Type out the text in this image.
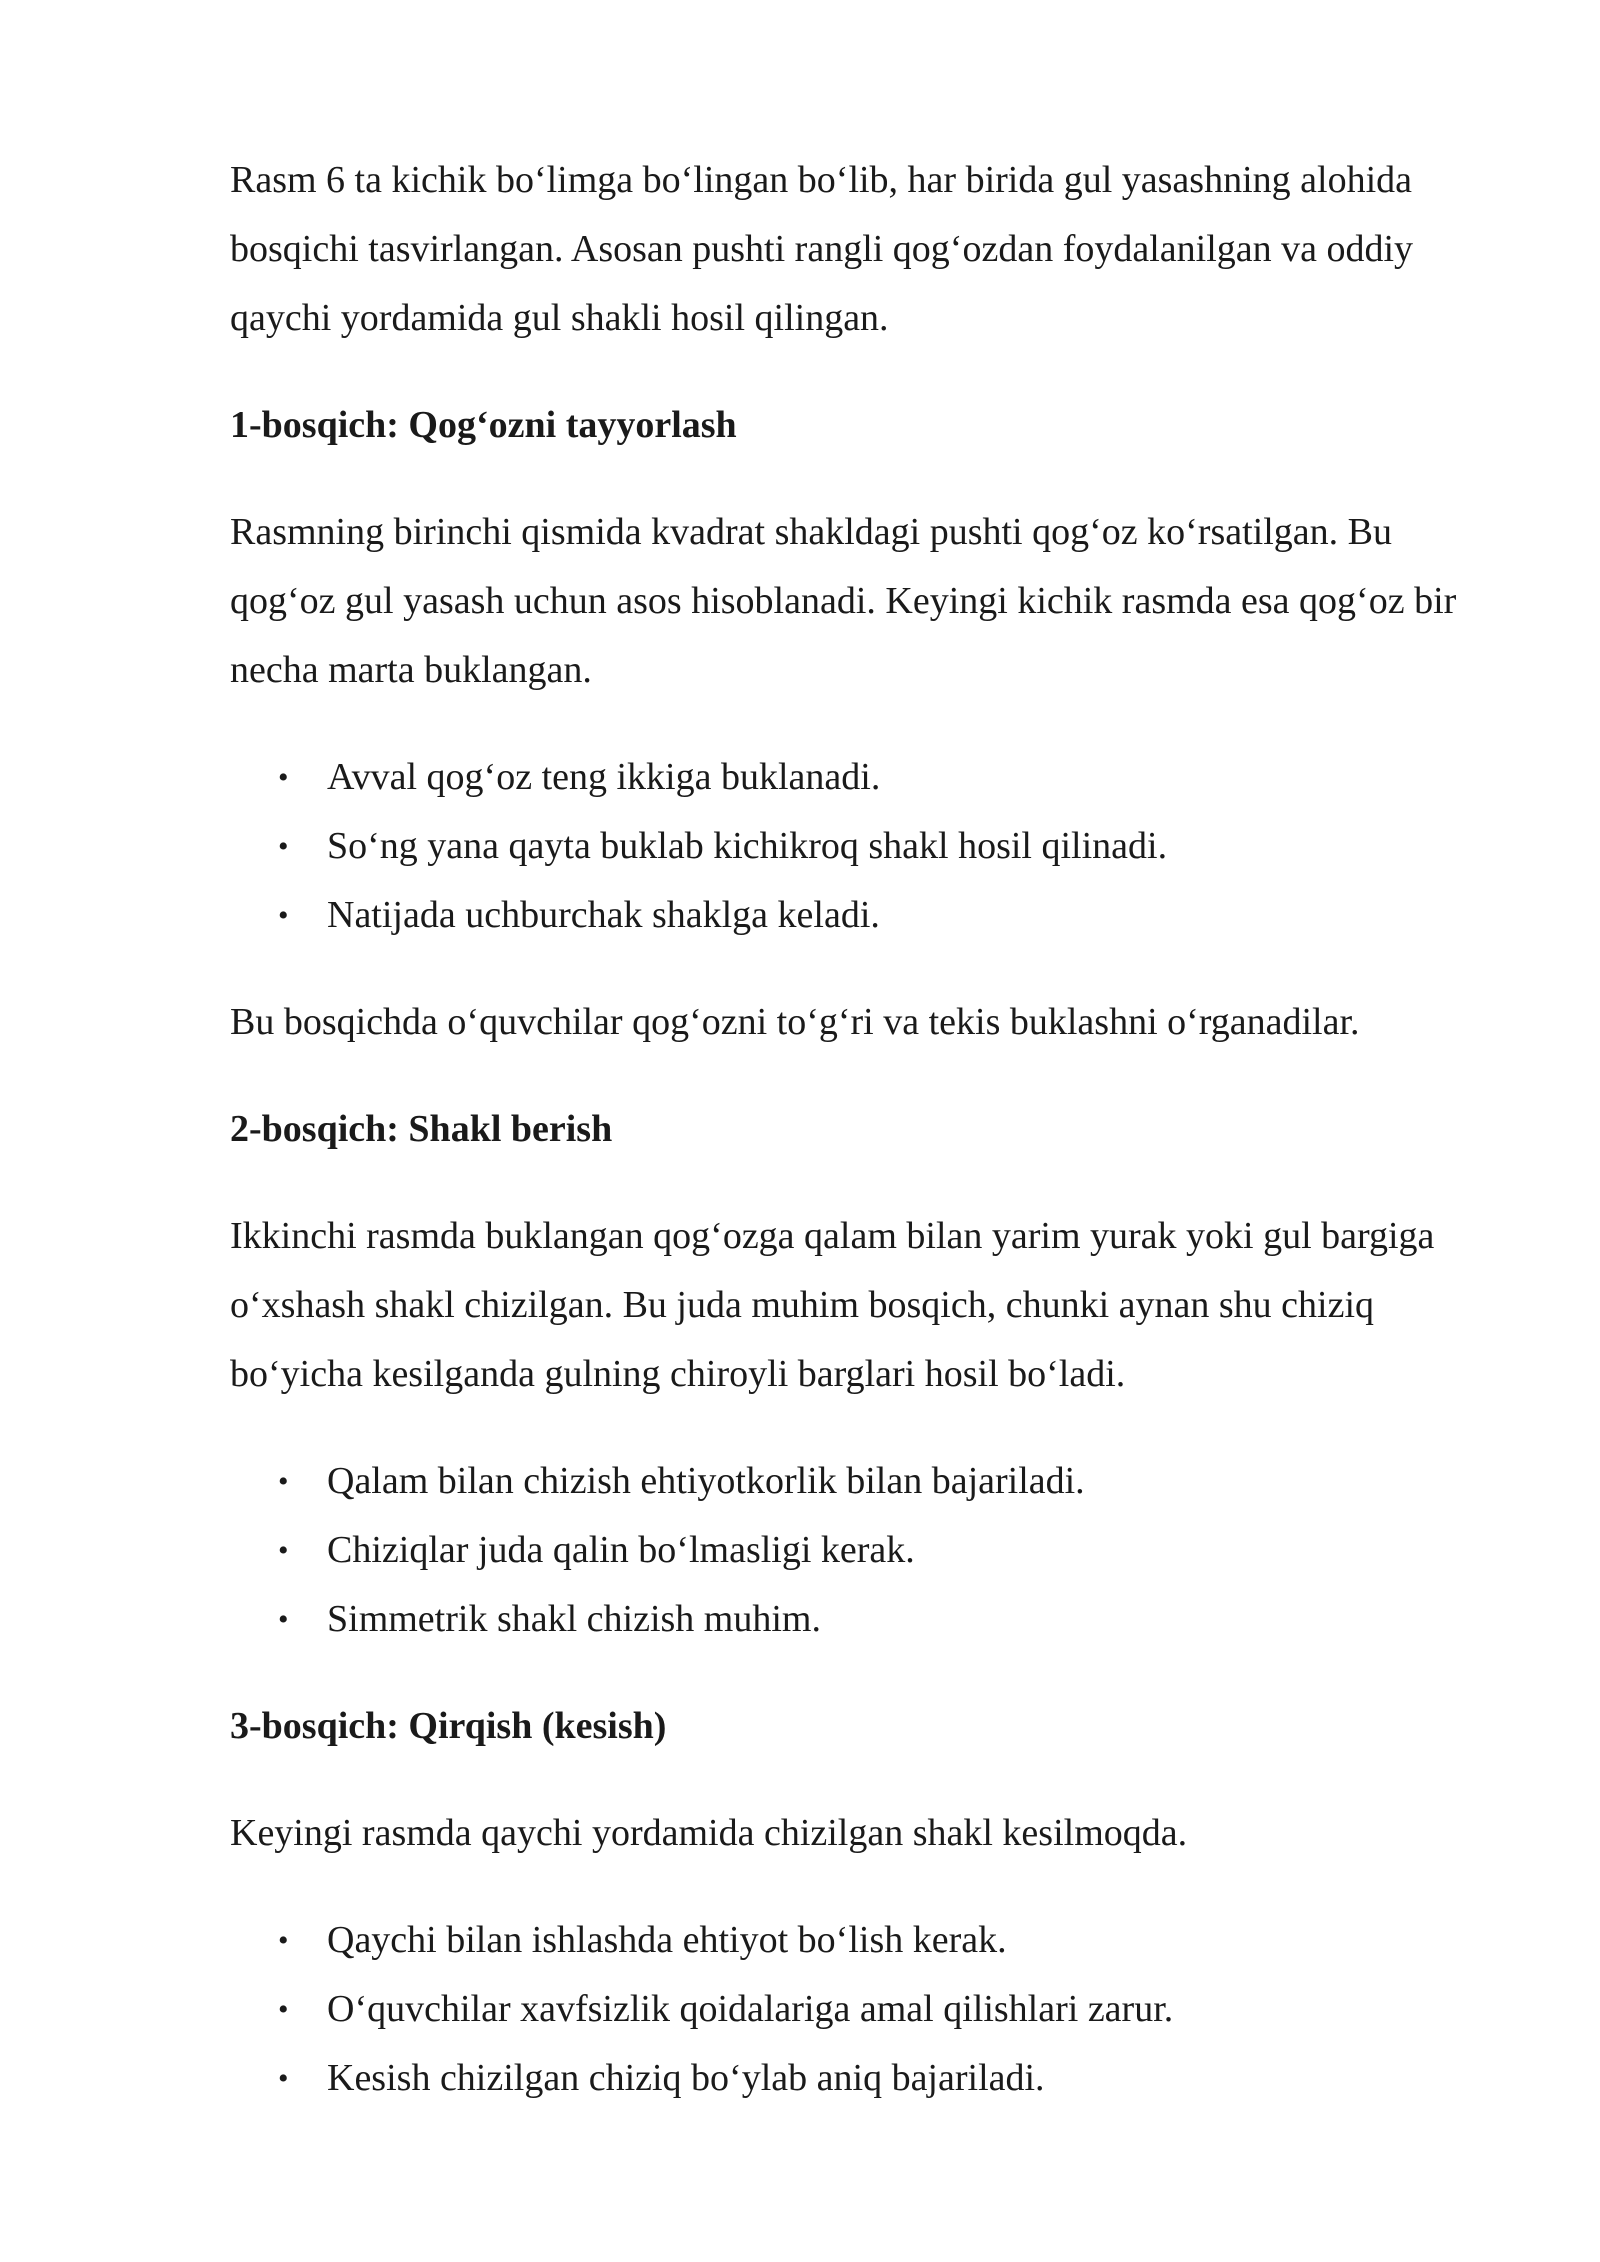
Rasm 6 ta kichik bo‘limga bo‘lingan bo‘lib, har birida gul yasashning alohida bosqichi tasvirlangan. Asosan pushti rangli qog‘ozdan foydalanilgan va oddiy qaychi yordamida gul shakli hosil qilingan.

1-bosqich: Qog‘ozni tayyorlash

Rasmning birinchi qismida kvadrat shakldagi pushti qog‘oz ko‘rsatilgan. Bu qog‘oz gul yasash uchun asos hisoblanadi. Keyingi kichik rasmda esa qog‘oz bir necha marta buklangan.

• Avval qog‘oz teng ikkiga buklanadi.
• So‘ng yana qayta buklab kichikroq shakl hosil qilinadi.
• Natijada uchburchak shaklga keladi.

Bu bosqichda o‘quvchilar qog‘ozni to‘g‘ri va tekis buklashni o‘rganadilar.

2-bosqich: Shakl berish

Ikkinchi rasmda buklangan qog‘ozga qalam bilan yarim yurak yoki gul bargiga o‘xshash shakl chizilgan. Bu juda muhim bosqich, chunki aynan shu chiziq bo‘yicha kesilganda gulning chiroyli barglari hosil bo‘ladi.

• Qalam bilan chizish ehtiyotkorlik bilan bajariladi.
• Chiziqlar juda qalin bo‘lmasligi kerak.
• Simmetrik shakl chizish muhim.
3-bosqich: Qirqish (kesish)

Keyingi rasmda qaychi yordamida chizilgan shakl kesilmoqda.

• Qaychi bilan ishlashda ehtiyot bo‘lish kerak.
• O‘quvchilar xavfsizlik qoidalariga amal qilishlari zarur.
• Kesish chizilgan chiziq bo‘ylab aniq bajariladi.
